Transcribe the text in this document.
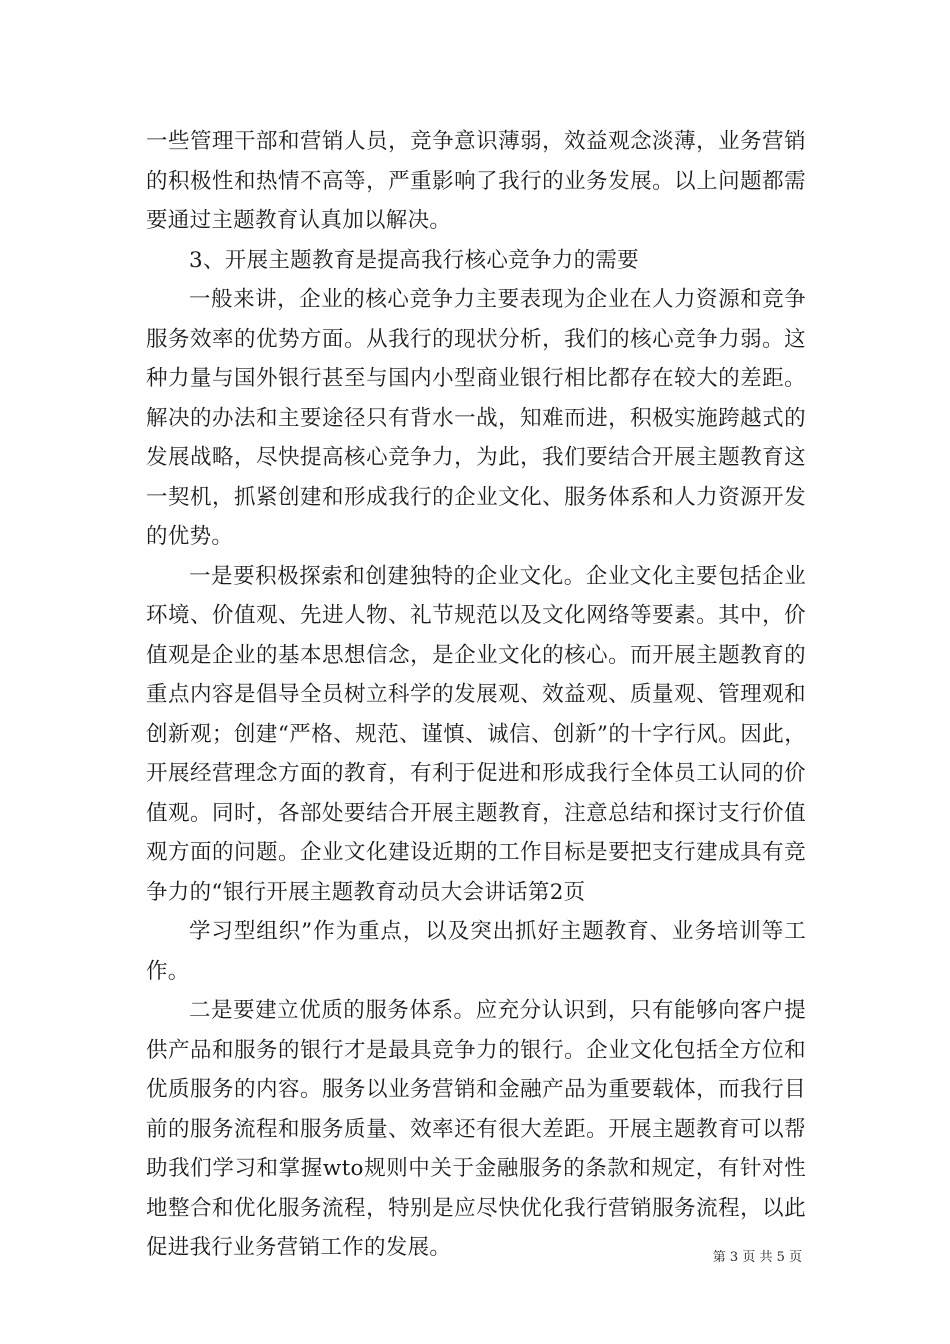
一些管理干部和营销人员，竞争意识薄弱，效益观念淡薄，业务营销的积极性和热情不高等，严重影响了我行的业务发展。以上问题都需要通过主题教育认真加以解决。

3、开展主题教育是提高我行核心竞争力的需要

一般来讲，企业的核心竞争力主要表现为企业在人力资源和竞争服务效率的优势方面。从我行的现状分析，我们的核心竞争力弱。这种力量与国外银行甚至与国内小型商业银行相比都存在较大的差距。解决的办法和主要途径只有背水一战，知难而进，积极实施跨越式的发展战略，尽快提高核心竞争力，为此，我们要结合开展主题教育这一契机，抓紧创建和形成我行的企业文化、服务体系和人力资源开发的优势。

一是要积极探索和创建独特的企业文化。企业文化主要包括企业环境、价值观、先进人物、礼节规范以及文化网络等要素。其中，价值观是企业的基本思想信念，是企业文化的核心。而开展主题教育的重点内容是倡导全员树立科学的发展观、效益观、质量观、管理观和创新观；创建“严格、规范、谨慎、诚信、创新”的十字行风。因此，开展经营理念方面的教育，有利于促进和形成我行全体员工认同的价值观。同时，各部处要结合开展主题教育，注意总结和探讨支行价值观方面的问题。企业文化建设近期的工作目标是要把支行建成具有竞争力的“银行开展主题教育动员大会讲话第2页

学习型组织”作为重点，以及突出抓好主题教育、业务培训等工作。

二是要建立优质的服务体系。应充分认识到，只有能够向客户提供产品和服务的银行才是最具竞争力的银行。企业文化包括全方位和优质服务的内容。服务以业务营销和金融产品为重要载体，而我行目前的服务流程和服务质量、效率还有很大差距。开展主题教育可以帮助我们学习和掌握wto规则中关于金融服务的条款和规定，有针对性地整合和优化服务流程，特别是应尽快优化我行营销服务流程，以此促进我行业务营销工作的发展。	第 3 页 共 5 页
